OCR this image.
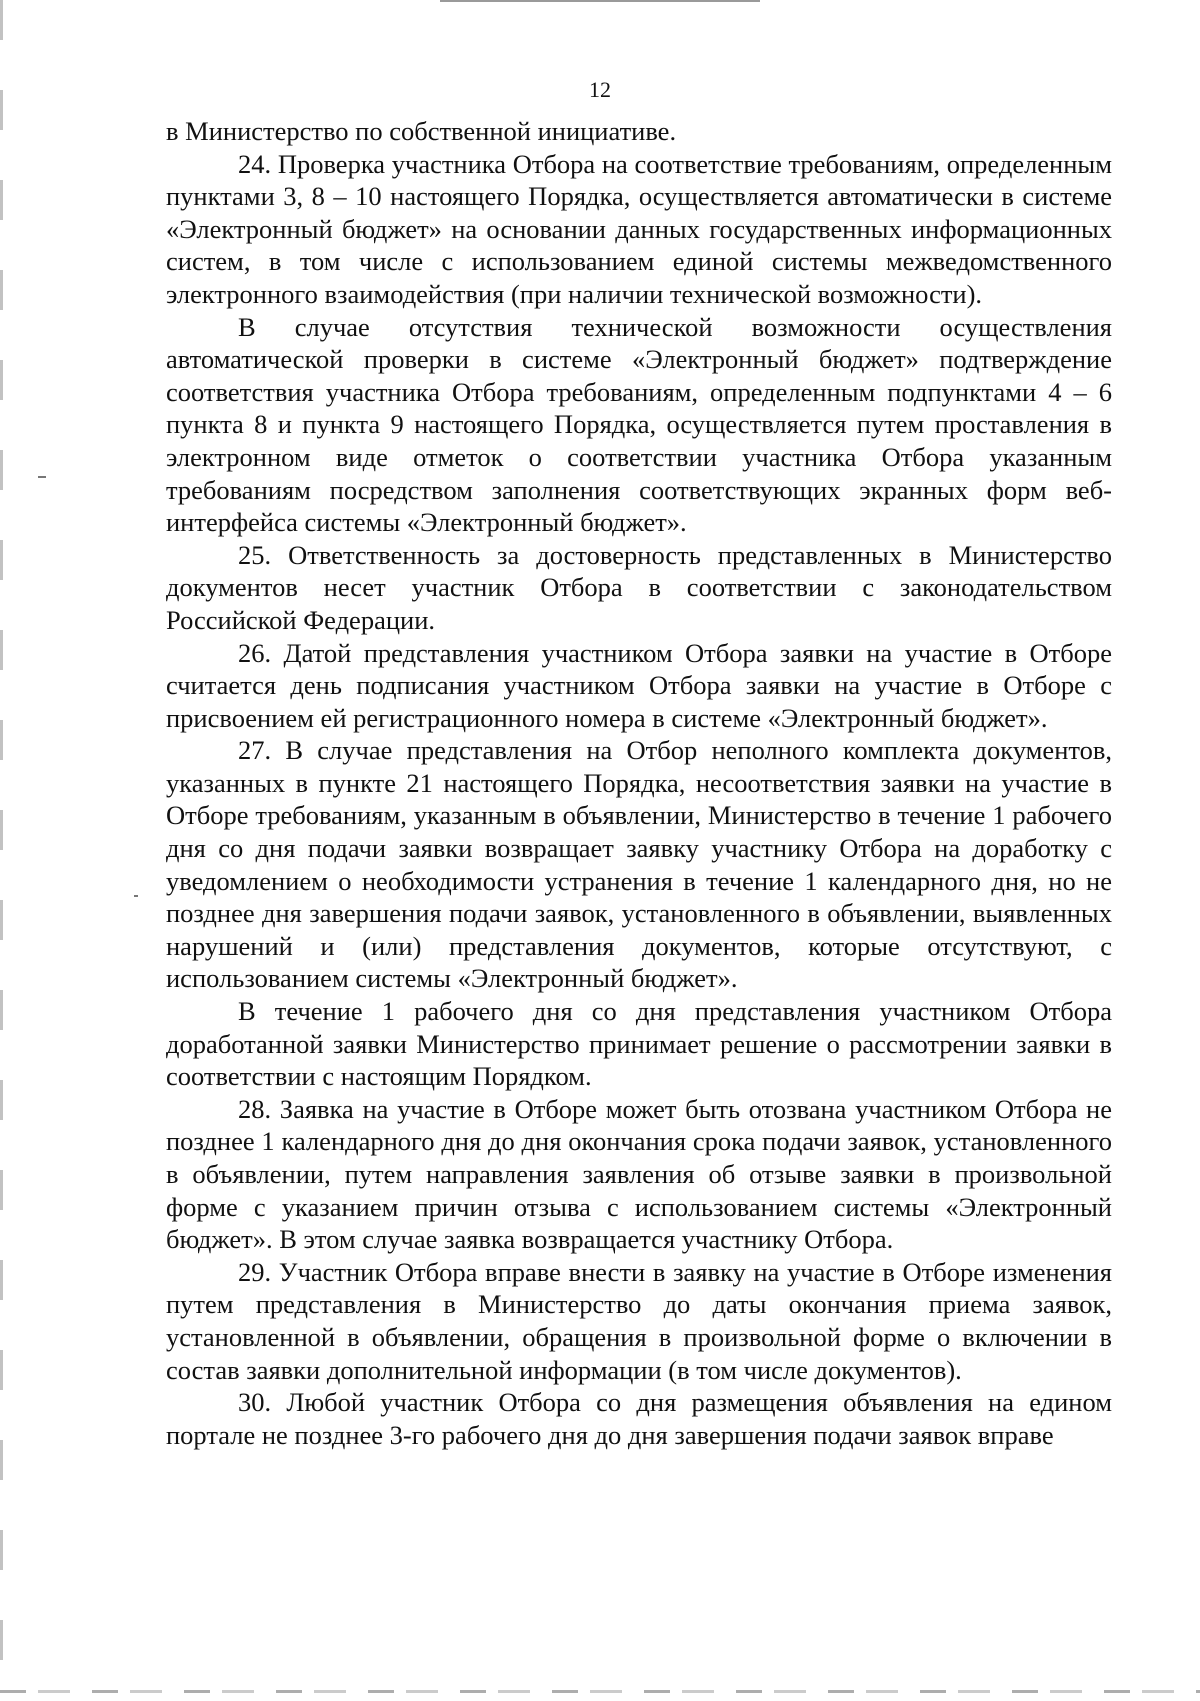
12

в Министерство по собственной инициативе.

24. Проверка участника Отбора на соответствие требованиям, определенным пунктами 3, 8 – 10 настоящего Порядка, осуществляется автоматически в системе «Электронный бюджет» на основании данных государственных информационных систем, в том числе с использованием единой системы межведомственного электронного взаимодействия (при наличии технической возможности).

В случае отсутствия технической возможности осуществления автоматической проверки в системе «Электронный бюджет» подтверждение соответствия участника Отбора требованиям, определенным подпунктами 4 – 6 пункта 8 и пункта 9 настоящего Порядка, осуществляется путем проставления в электронном виде отметок о соответствии участника Отбора указанным требованиям посредством заполнения соответствующих экранных форм веб-интерфейса системы «Электронный бюджет».

25. Ответственность за достоверность представленных в Министерство документов несет участник Отбора в соответствии с законодательством Российской Федерации.

26. Датой представления участником Отбора заявки на участие в Отборе считается день подписания участником Отбора заявки на участие в Отборе с присвоением ей регистрационного номера в системе «Электронный бюджет».

27. В случае представления на Отбор неполного комплекта документов, указанных в пункте 21 настоящего Порядка, несоответствия заявки на участие в Отборе требованиям, указанным в объявлении, Министерство в течение 1 рабочего дня со дня подачи заявки возвращает заявку участнику Отбора на доработку с уведомлением о необходимости устранения в течение 1 календарного дня, но не позднее дня завершения подачи заявок, установленного в объявлении, выявленных нарушений и (или) представления документов, которые отсутствуют, с использованием системы «Электронный бюджет».

В течение 1 рабочего дня со дня представления участником Отбора доработанной заявки Министерство принимает решение о рассмотрении заявки в соответствии с настоящим Порядком.

28. Заявка на участие в Отборе может быть отозвана участником Отбора не позднее 1 календарного дня до дня окончания срока подачи заявок, установленного в объявлении, путем направления заявления об отзыве заявки в произвольной форме с указанием причин отзыва с использованием системы «Электронный бюджет». В этом случае заявка возвращается участнику Отбора.

29. Участник Отбора вправе внести в заявку на участие в Отборе изменения путем представления в Министерство до даты окончания приема заявок, установленной в объявлении, обращения в произвольной форме о включении в состав заявки дополнительной информации (в том числе документов).

30. Любой участник Отбора со дня размещения объявления на едином портале не позднее 3-го рабочего дня до дня завершения подачи заявок вправе
